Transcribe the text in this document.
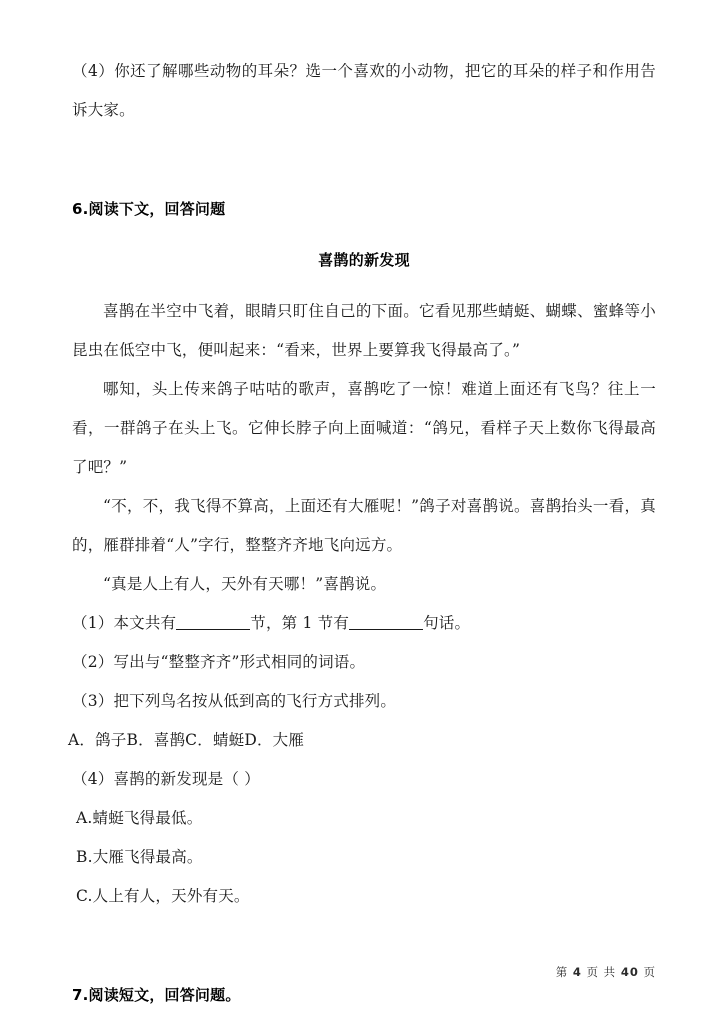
（4）你还了解哪些动物的耳朵？选一个喜欢的小动物，把它的耳朵的样子和作用告诉大家。

6.阅读下文，回答问题

喜鹊的新发现

喜鹊在半空中飞着，眼睛只盯住自己的下面。它看见那些蜻蜓、蝴蝶、蜜蜂等小昆虫在低空中飞，便叫起来：“看来，世界上要算我飞得最高了。”

哪知，头上传来鸽子咕咕的歌声，喜鹊吃了一惊！难道上面还有飞鸟？往上一看，一群鸽子在头上飞。它伸长脖子向上面喊道：“鸽兄，看样子天上数你飞得最高了吧？”

“不，不，我飞得不算高，上面还有大雁呢！”鸽子对喜鹊说。喜鹊抬头一看，真的，雁群排着“人”字行，整整齐齐地飞向远方。

“真是人上有人，天外有天哪！”喜鹊说。

（1）本文共有	节，第 1 节有	句话。

（2）写出与“整整齐齐”形式相同的词语。

（3）把下列鸟名按从低到高的飞行方式排列。

A．鸽子B．喜鹊C．蜻蜓D．大雁

（4）喜鹊的新发现是（ ）

A.蜻蜓飞得最低。

B.大雁飞得最高。

C.人上有人，天外有天。

7.阅读短文，回答问题。

第 4 页 共 40 页
